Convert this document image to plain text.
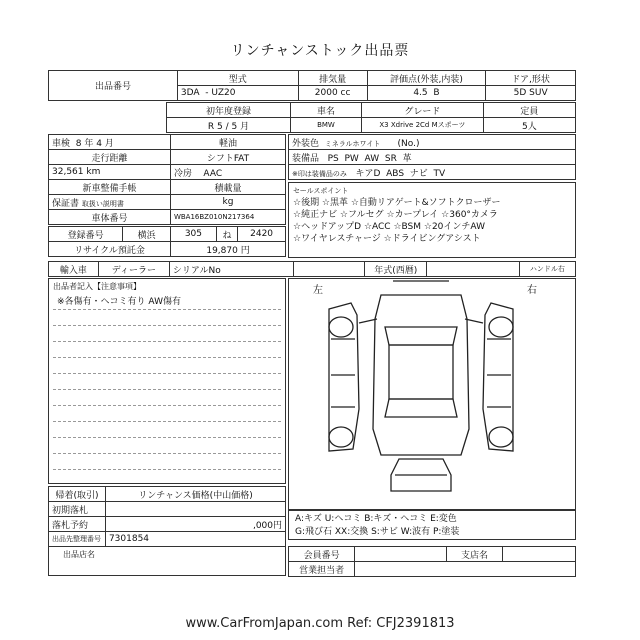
リンチャンストック出品票
出品番号	型式	排気量	評価点(外装,内装)	ドア,形状
	3DA  - UZ20	2000 cc	4.5 B	5D SUV
初年度登録	車名	グレード	定員
R 5 / 5 月	BMW	X3 Xdrive 2Cd Mスポーツ	5人
車検 8 年 4 月	軽油
走行距離	シフトFAT
32,561 km	冷房 AAC
新車整備手帳	積載量
保証書 取扱い説明書	kg
車体番号	WBA16BZ010N217364
登録番号	横浜	305	ね	2420
リサイクル預託金		19,870 円		
外装色 ミネラルホワイト (No.)
装備品 PS PW AW SR 革
※印は装備品のみ キアD ABS ナビ TV
セールスポイント
☆後期 ☆黒革 ☆自動リアゲート&ソフトクローザー
☆純正ナビ ☆フルセグ ☆カープレイ ☆360°カメラ
☆ヘッドアップD ☆ACC ☆BSM ☆20インチAW
☆ワイヤレスチャージ ☆ドライビングアシスト
輸入車	ディーラー	シリアルNo		年式(西暦)		ハンドル右
出品者記入【注意事項】
※各傷有・ヘコミ有り AW傷有
左	右
帰着(取引)	リンチャンス価格(中山価格)
初期落札	
落札予約	,000円
出品先整理番号	7301854
A:キズ U:ヘコミ B:キズ・ヘコミ E:変色
G:飛び石 XX:交換 S:サビ W:波有 P:塗装
出品店名	会員番号		支店名	
営業担当者			
www.CarFromJapan.com Ref: CFJ2391813
